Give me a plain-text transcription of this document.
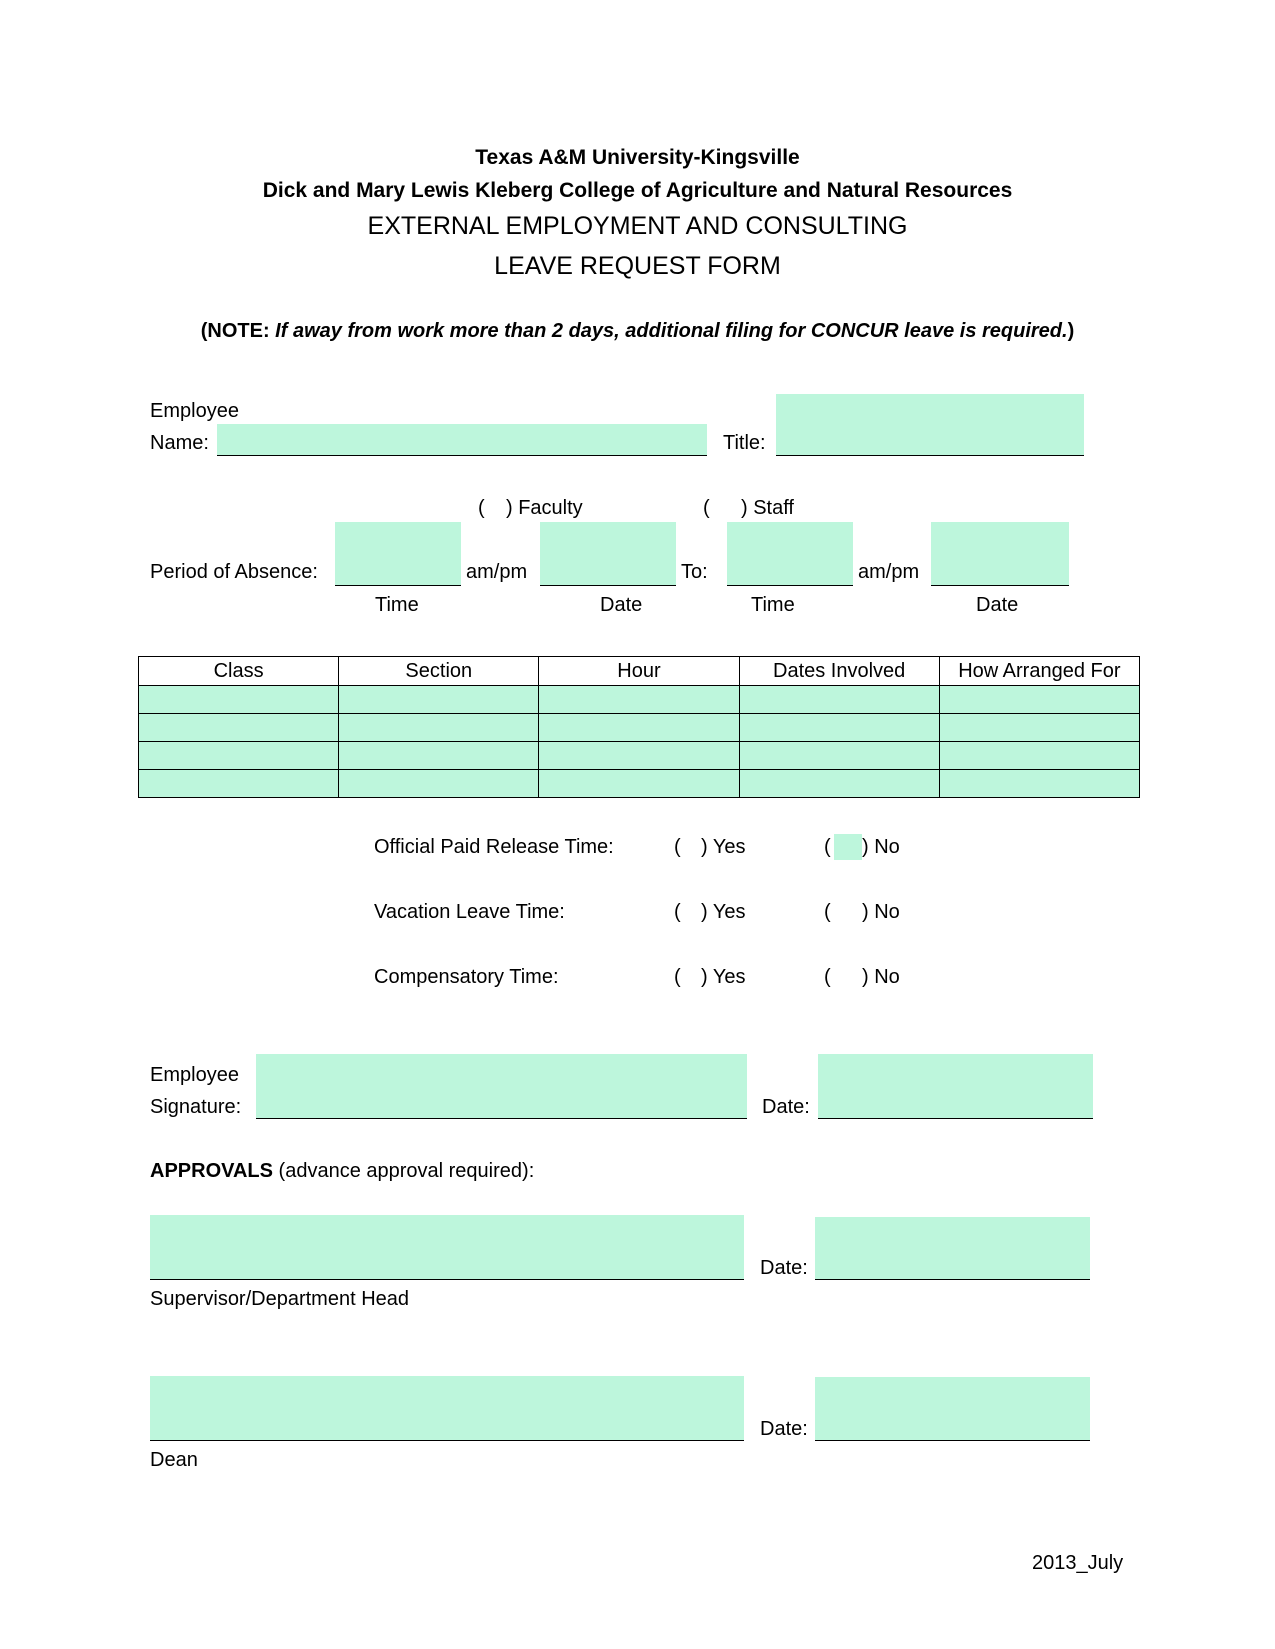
Texas A&M University-Kingsville
Dick and Mary Lewis Kleberg College of Agriculture and Natural Resources
EXTERNAL EMPLOYMENT AND CONSULTING
LEAVE REQUEST FORM
(NOTE: If away from work more than 2 days, additional filing for CONCUR leave is required.)
Employee
Name:	Title:
( ) Faculty	( ) Staff
Period of Absence:	am/pm	To:	am/pm
Time	Date	Time	Date
Class	Section	Hour	Dates Involved	How Arranged For

Official Paid Release Time:	( ) Yes	( ) No
Vacation Leave Time:	( ) Yes	( ) No
Compensatory Time:	( ) Yes	( ) No
Employee
Signature:	Date:
APPROVALS (advance approval required):
Date:
Supervisor/Department Head
Date:
Dean
2013_July
